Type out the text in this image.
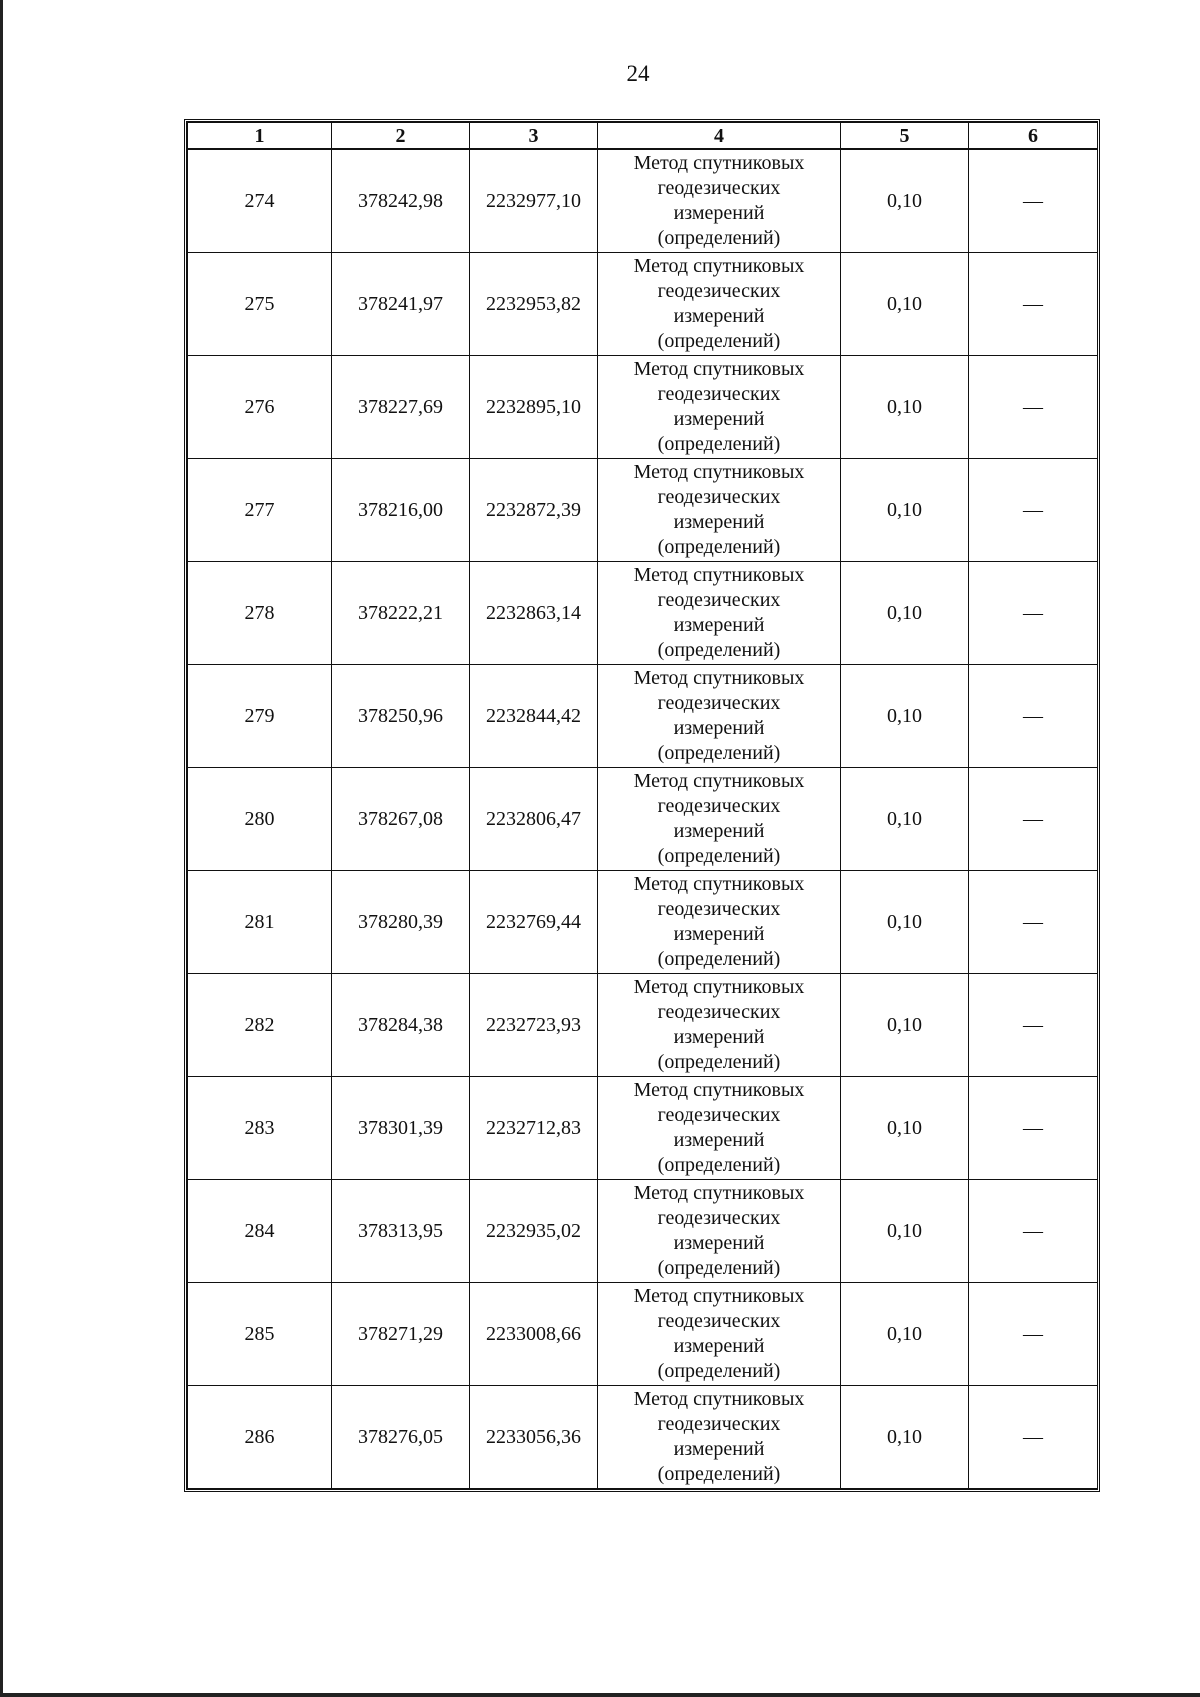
24
1	2	3	4	5	6
274	378242,98	2232977,10	Метод спутниковых
геодезических
измерений
(определений)	0,10	—
275	378241,97	2232953,82	Метод спутниковых
геодезических
измерений
(определений)	0,10	—
276	378227,69	2232895,10	Метод спутниковых
геодезических
измерений
(определений)	0,10	—
277	378216,00	2232872,39	Метод спутниковых
геодезических
измерений
(определений)	0,10	—
278	378222,21	2232863,14	Метод спутниковых
геодезических
измерений
(определений)	0,10	—
279	378250,96	2232844,42	Метод спутниковых
геодезических
измерений
(определений)	0,10	—
280	378267,08	2232806,47	Метод спутниковых
геодезических
измерений
(определений)	0,10	—
281	378280,39	2232769,44	Метод спутниковых
геодезических
измерений
(определений)	0,10	—
282	378284,38	2232723,93	Метод спутниковых
геодезических
измерений
(определений)	0,10	—
283	378301,39	2232712,83	Метод спутниковых
геодезических
измерений
(определений)	0,10	—
284	378313,95	2232935,02	Метод спутниковых
геодезических
измерений
(определений)	0,10	—
285	378271,29	2233008,66	Метод спутниковых
геодезических
измерений
(определений)	0,10	—
286	378276,05	2233056,36	Метод спутниковых
геодезических
измерений
(определений)	0,10	—
